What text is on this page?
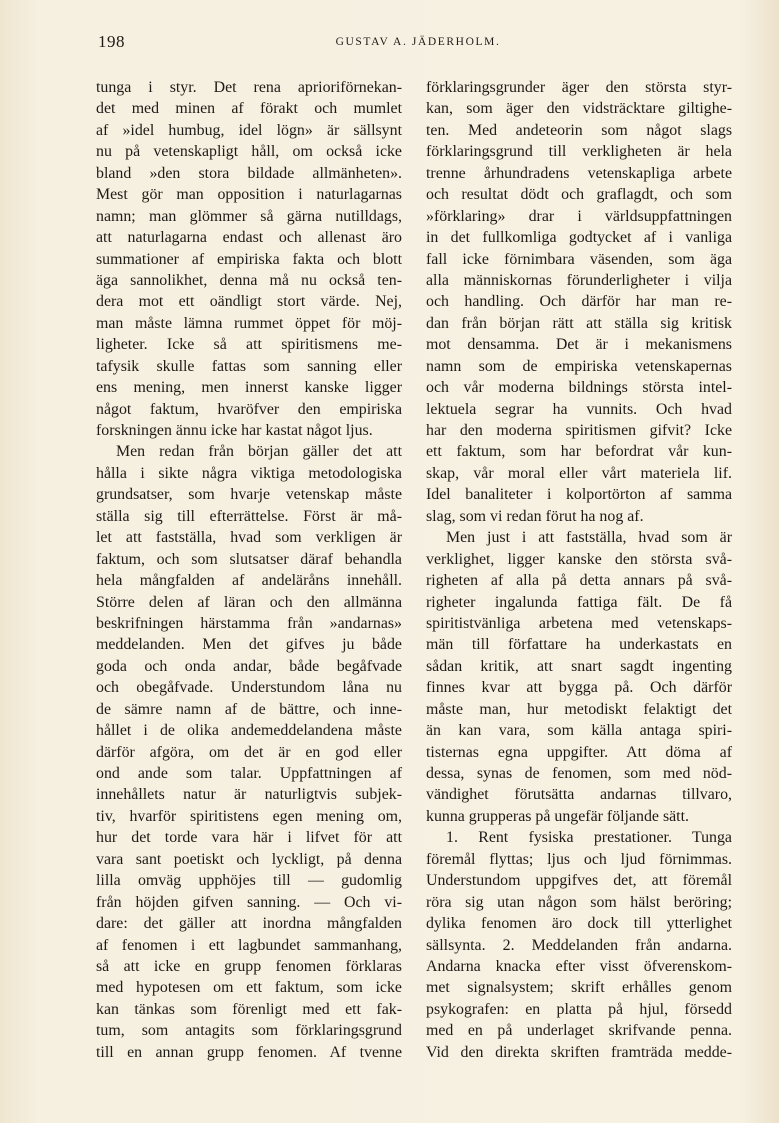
198	GUSTAV A. JÄDERHOLM.
tunga i styr. Det rena aprioriförnekan-
det med minen af förakt och mumlet
af »idel humbug, idel lögn» är sällsynt
nu på vetenskapligt håll, om också icke
bland »den stora bildade allmänheten».
Mest gör man opposition i naturlagarnas
namn; man glömmer så gärna nutilldags,
att naturlagarna endast och allenast äro
summationer af empiriska fakta och blott
äga sannolikhet, denna må nu också ten-
dera mot ett oändligt stort värde. Nej,
man måste lämna rummet öppet för möj-
ligheter. Icke så att spiritismens me-
tafysik skulle fattas som sanning eller
ens mening, men innerst kanske ligger
något faktum, hvaröfver den empiriska
forskningen ännu icke har kastat något ljus.
Men redan från början gäller det att
hålla i sikte några viktiga metodologiska
grundsatser, som hvarje vetenskap måste
ställa sig till efterrättelse. Först är må-
let att fastställa, hvad som verkligen är
faktum, och som slutsatser däraf behandla
hela mångfalden af andeläråns innehåll.
Större delen af läran och den allmänna
beskrifningen härstamma från »andarnas»
meddelanden. Men det gifves ju både
goda och onda andar, både begåfvade
och obegåfvade. Understundom låna nu
de sämre namn af de bättre, och inne-
hållet i de olika andemeddelandena måste
därför afgöra, om det är en god eller
ond ande som talar. Uppfattningen af
innehållets natur är naturligtvis subjek-
tiv, hvarför spiritistens egen mening om,
hur det torde vara här i lifvet för att
vara sant poetiskt och lyckligt, på denna
lilla omväg upphöjes till — gudomlig
från höjden gifven sanning. — Och vi-
dare: det gäller att inordna mångfalden
af fenomen i ett lagbundet sammanhang,
så att icke en grupp fenomen förklaras
med hypotesen om ett faktum, som icke
kan tänkas som förenligt med ett fak-
tum, som antagits som förklaringsgrund
till en annan grupp fenomen. Af tvenne
förklaringsgrunder äger den största styr-
kan, som äger den vidsträcktare giltighe-
ten. Med andeteorin som något slags
förklaringsgrund till verkligheten är hela
trenne århundradens vetenskapliga arbete
och resultat dödt och graflagdt, och som
»förklaring» drar i världsuppfattningen
in det fullkomliga godtycket af i vanliga
fall icke förnimbara väsenden, som äga
alla människornas förunderligheter i vilja
och handling. Och därför har man re-
dan från början rätt att ställa sig kritisk
mot densamma. Det är i mekanismens
namn som de empiriska vetenskapernas
och vår moderna bildnings största intel-
lektuela segrar ha vunnits. Och hvad
har den moderna spiritismen gifvit? Icke
ett faktum, som har befordrat vår kun-
skap, vår moral eller vårt materiela lif.
Idel banaliteter i kolportörton af samma
slag, som vi redan förut ha nog af.
Men just i att fastställa, hvad som är
verklighet, ligger kanske den största svå-
righeten af alla på detta annars på svå-
righeter ingalunda fattiga fält. De få
spiritistvänliga arbetena med vetenskaps-
män till författare ha underkastats en
sådan kritik, att snart sagdt ingenting
finnes kvar att bygga på. Och därför
måste man, hur metodiskt felaktigt det
än kan vara, som källa antaga spiri-
tisternas egna uppgifter. Att döma af
dessa, synas de fenomen, som med nöd-
vändighet förutsätta andarnas tillvaro,
kunna grupperas på ungefär följande sätt.
1. Rent fysiska prestationer. Tunga
föremål flyttas; ljus och ljud förnimmas.
Understundom uppgifves det, att föremål
röra sig utan någon som hälst beröring;
dylika fenomen äro dock till ytterlighet
sällsynta. 2. Meddelanden från andarna.
Andarna knacka efter visst öfverenskom-
met signalsystem; skrift erhålles genom
psykografen: en platta på hjul, försedd
med en på underlaget skrifvande penna.
Vid den direkta skriften framträda medde-
